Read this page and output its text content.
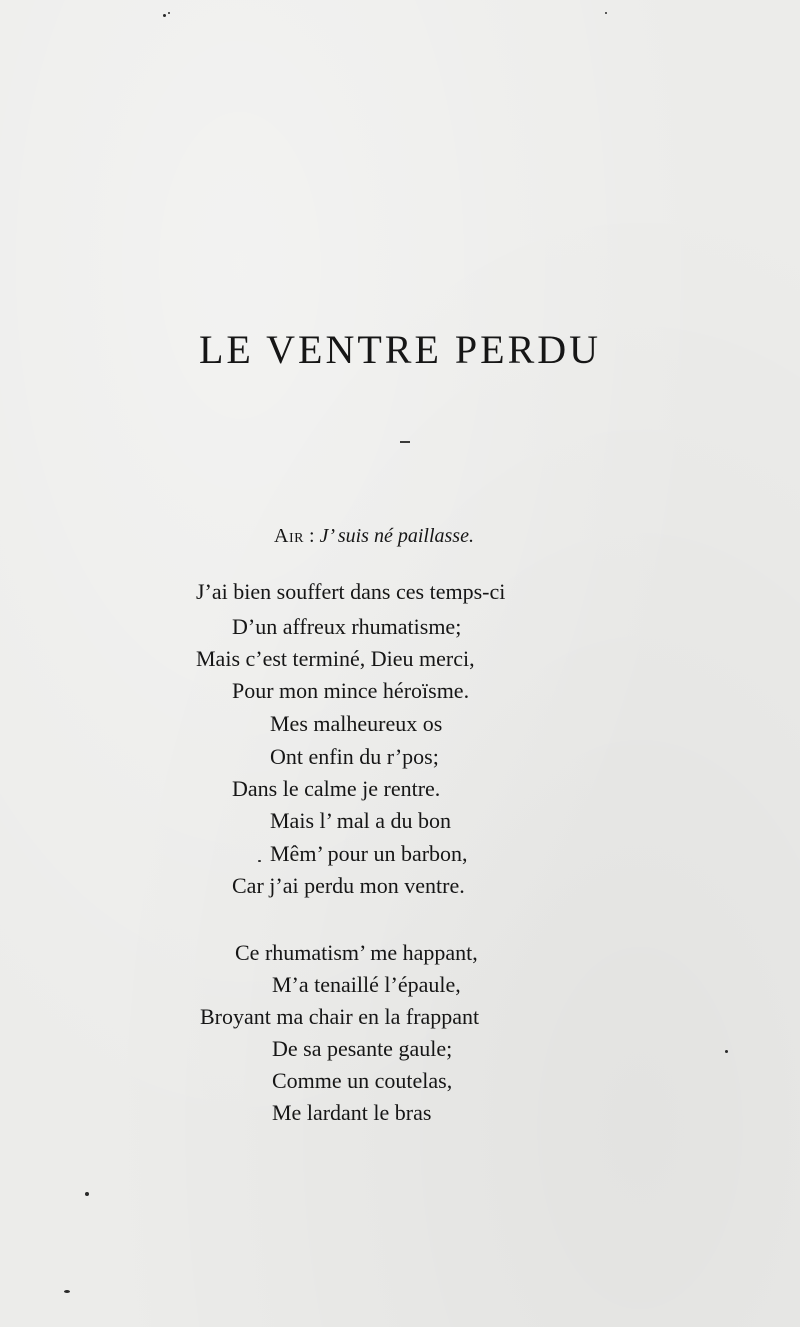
LE VENTRE PERDU
Air : J’ suis né paillasse.
J’ai bien souffert dans ces temps-ci
D’un affreux rhumatisme;
Mais c’est terminé, Dieu merci,
Pour mon mince héroïsme.
Mes malheureux os
Ont enfin du r’pos;
Dans le calme je rentre.
Mais l’ mal a du bon
Mêm’ pour un barbon,
Car j’ai perdu mon ventre.
Ce rhumatism’ me happant,
M’a tenaillé l’épaule,
Broyant ma chair en la frappant
De sa pesante gaule;
Comme un coutelas,
Me lardant le bras
